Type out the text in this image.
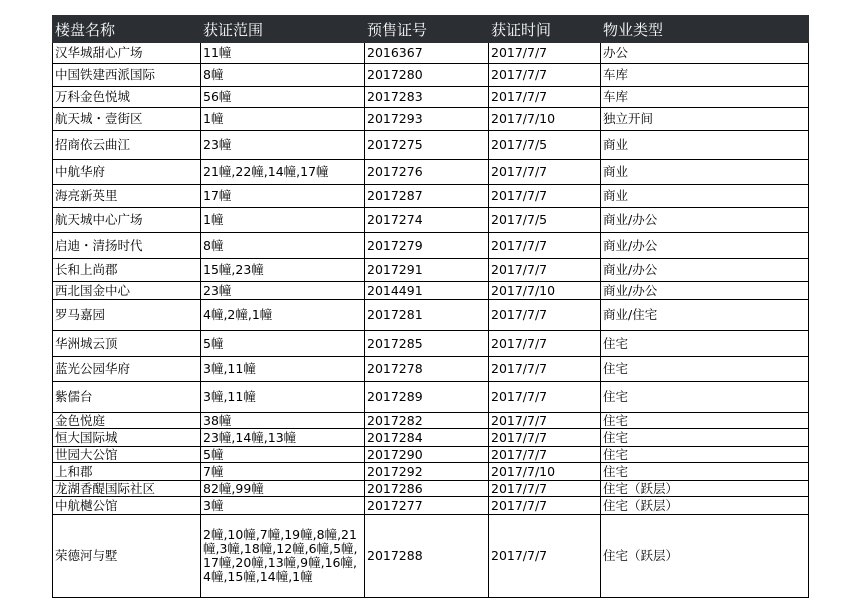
楼盘名称	获证范围	预售证号	获证时间	物业类型
汉华城甜心广场	11幢	2016367	2017/7/7	办公
中国铁建西派国际	8幢	2017280	2017/7/7	车库
万科金色悦城	56幢	2017283	2017/7/7	车库
航天城・壹街区	1幢	2017293	2017/7/10	独立开间
招商依云曲江	23幢	2017275	2017/7/5	商业
中航华府	21幢,22幢,14幢,17幢	2017276	2017/7/7	商业
海亮新英里	17幢	2017287	2017/7/7	商业
航天城中心广场	1幢	2017274	2017/7/5	商业/办公
启迪・清扬时代	8幢	2017279	2017/7/7	商业/办公
长和上尚郡	15幢,23幢	2017291	2017/7/7	商业/办公
西北国金中心	23幢	2014491	2017/7/10	商业/办公
罗马嘉园	4幢,2幢,1幢	2017281	2017/7/7	商业/住宅
华洲城云顶	5幢	2017285	2017/7/7	住宅
蓝光公园华府	3幢,11幢	2017278	2017/7/7	住宅
紫儒台	3幢,11幢	2017289	2017/7/7	住宅
金色悦庭	38幢	2017282	2017/7/7	住宅
恒大国际城	23幢,14幢,13幢	2017284	2017/7/7	住宅
世园大公馆	5幢	2017290	2017/7/7	住宅
上和郡	7幢	2017292	2017/7/10	住宅
龙湖香醍国际社区	82幢,99幢	2017286	2017/7/7	住宅（跃层）
中航樾公馆	3幢	2017277	2017/7/7	住宅（跃层）
荣德河与墅	2幢,10幢,7幢,19幢,8幢,21幢,3幢,18幢,12幢,6幢,5幢,17幢,20幢,13幢,9幢,16幢,4幢,15幢,14幢,1幢	2017288	2017/7/7	住宅（跃层）
